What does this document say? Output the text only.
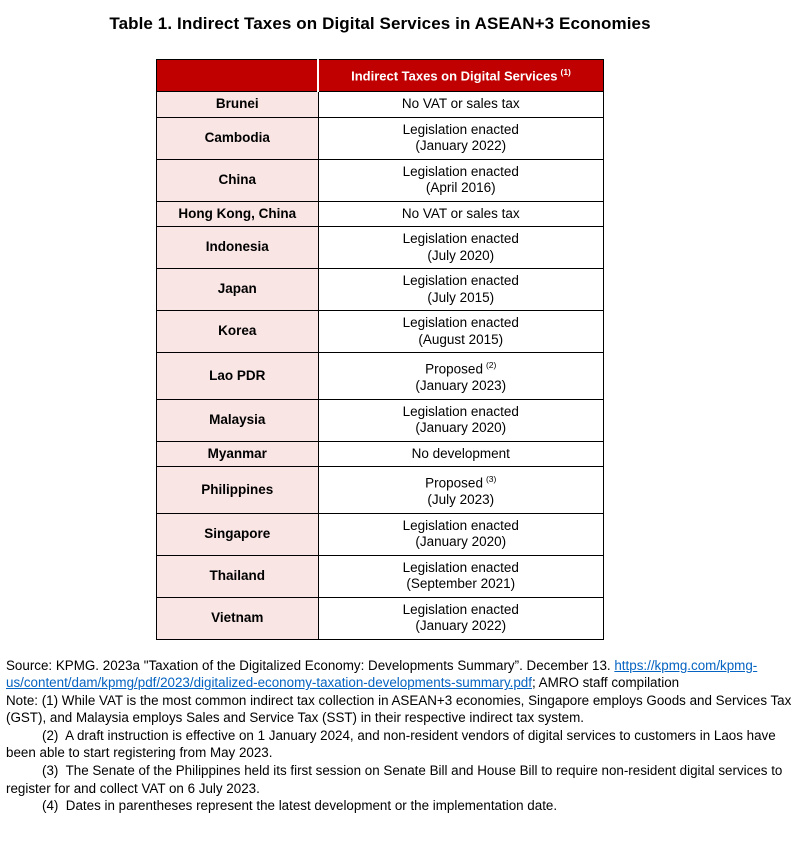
Table 1. Indirect Taxes on Digital Services in ASEAN+3 Economies
	Indirect Taxes on Digital Services $^{(1)}$
Brunei	No VAT or sales tax
Cambodia	Legislation enacted
(January 2022)
China	Legislation enacted
(April 2016)
Hong Kong, China	No VAT or sales tax
Indonesia	Legislation enacted
(July 2020)
Japan	Legislation enacted
(July 2015)
Korea	Legislation enacted
(August 2015)
Lao PDR	Proposed $^{(2)}$
(January 2023)
Malaysia	Legislation enacted
(January 2020)
Myanmar	No development
Philippines	Proposed $^{(3)}$
(July 2023)
Singapore	Legislation enacted
(January 2020)
Thailand	Legislation enacted
(September 2021)
Vietnam	Legislation enacted
(January 2022)

Source: KPMG. 2023a "Taxation of the Digitalized Economy: Developments Summary”. December 13. https://kpmg.com/kpmg-us/content/dam/kpmg/pdf/2023/digitalized-economy-taxation-developments-summary.pdf; AMRO staff compilation

Note: (1) While VAT is the most common indirect tax collection in ASEAN+3 economies, Singapore employs Goods and Services Tax (GST), and Malaysia employs Sales and Service Tax (SST) in their respective indirect tax system.

(2)  A draft instruction is effective on 1 January 2024, and non-resident vendors of digital services to customers in Laos have been able to start registering from May 2023.

(3)  The Senate of the Philippines held its first session on Senate Bill and House Bill to require non-resident digital services to register for and collect VAT on 6 July 2023.

(4)  Dates in parentheses represent the latest development or the implementation date.
